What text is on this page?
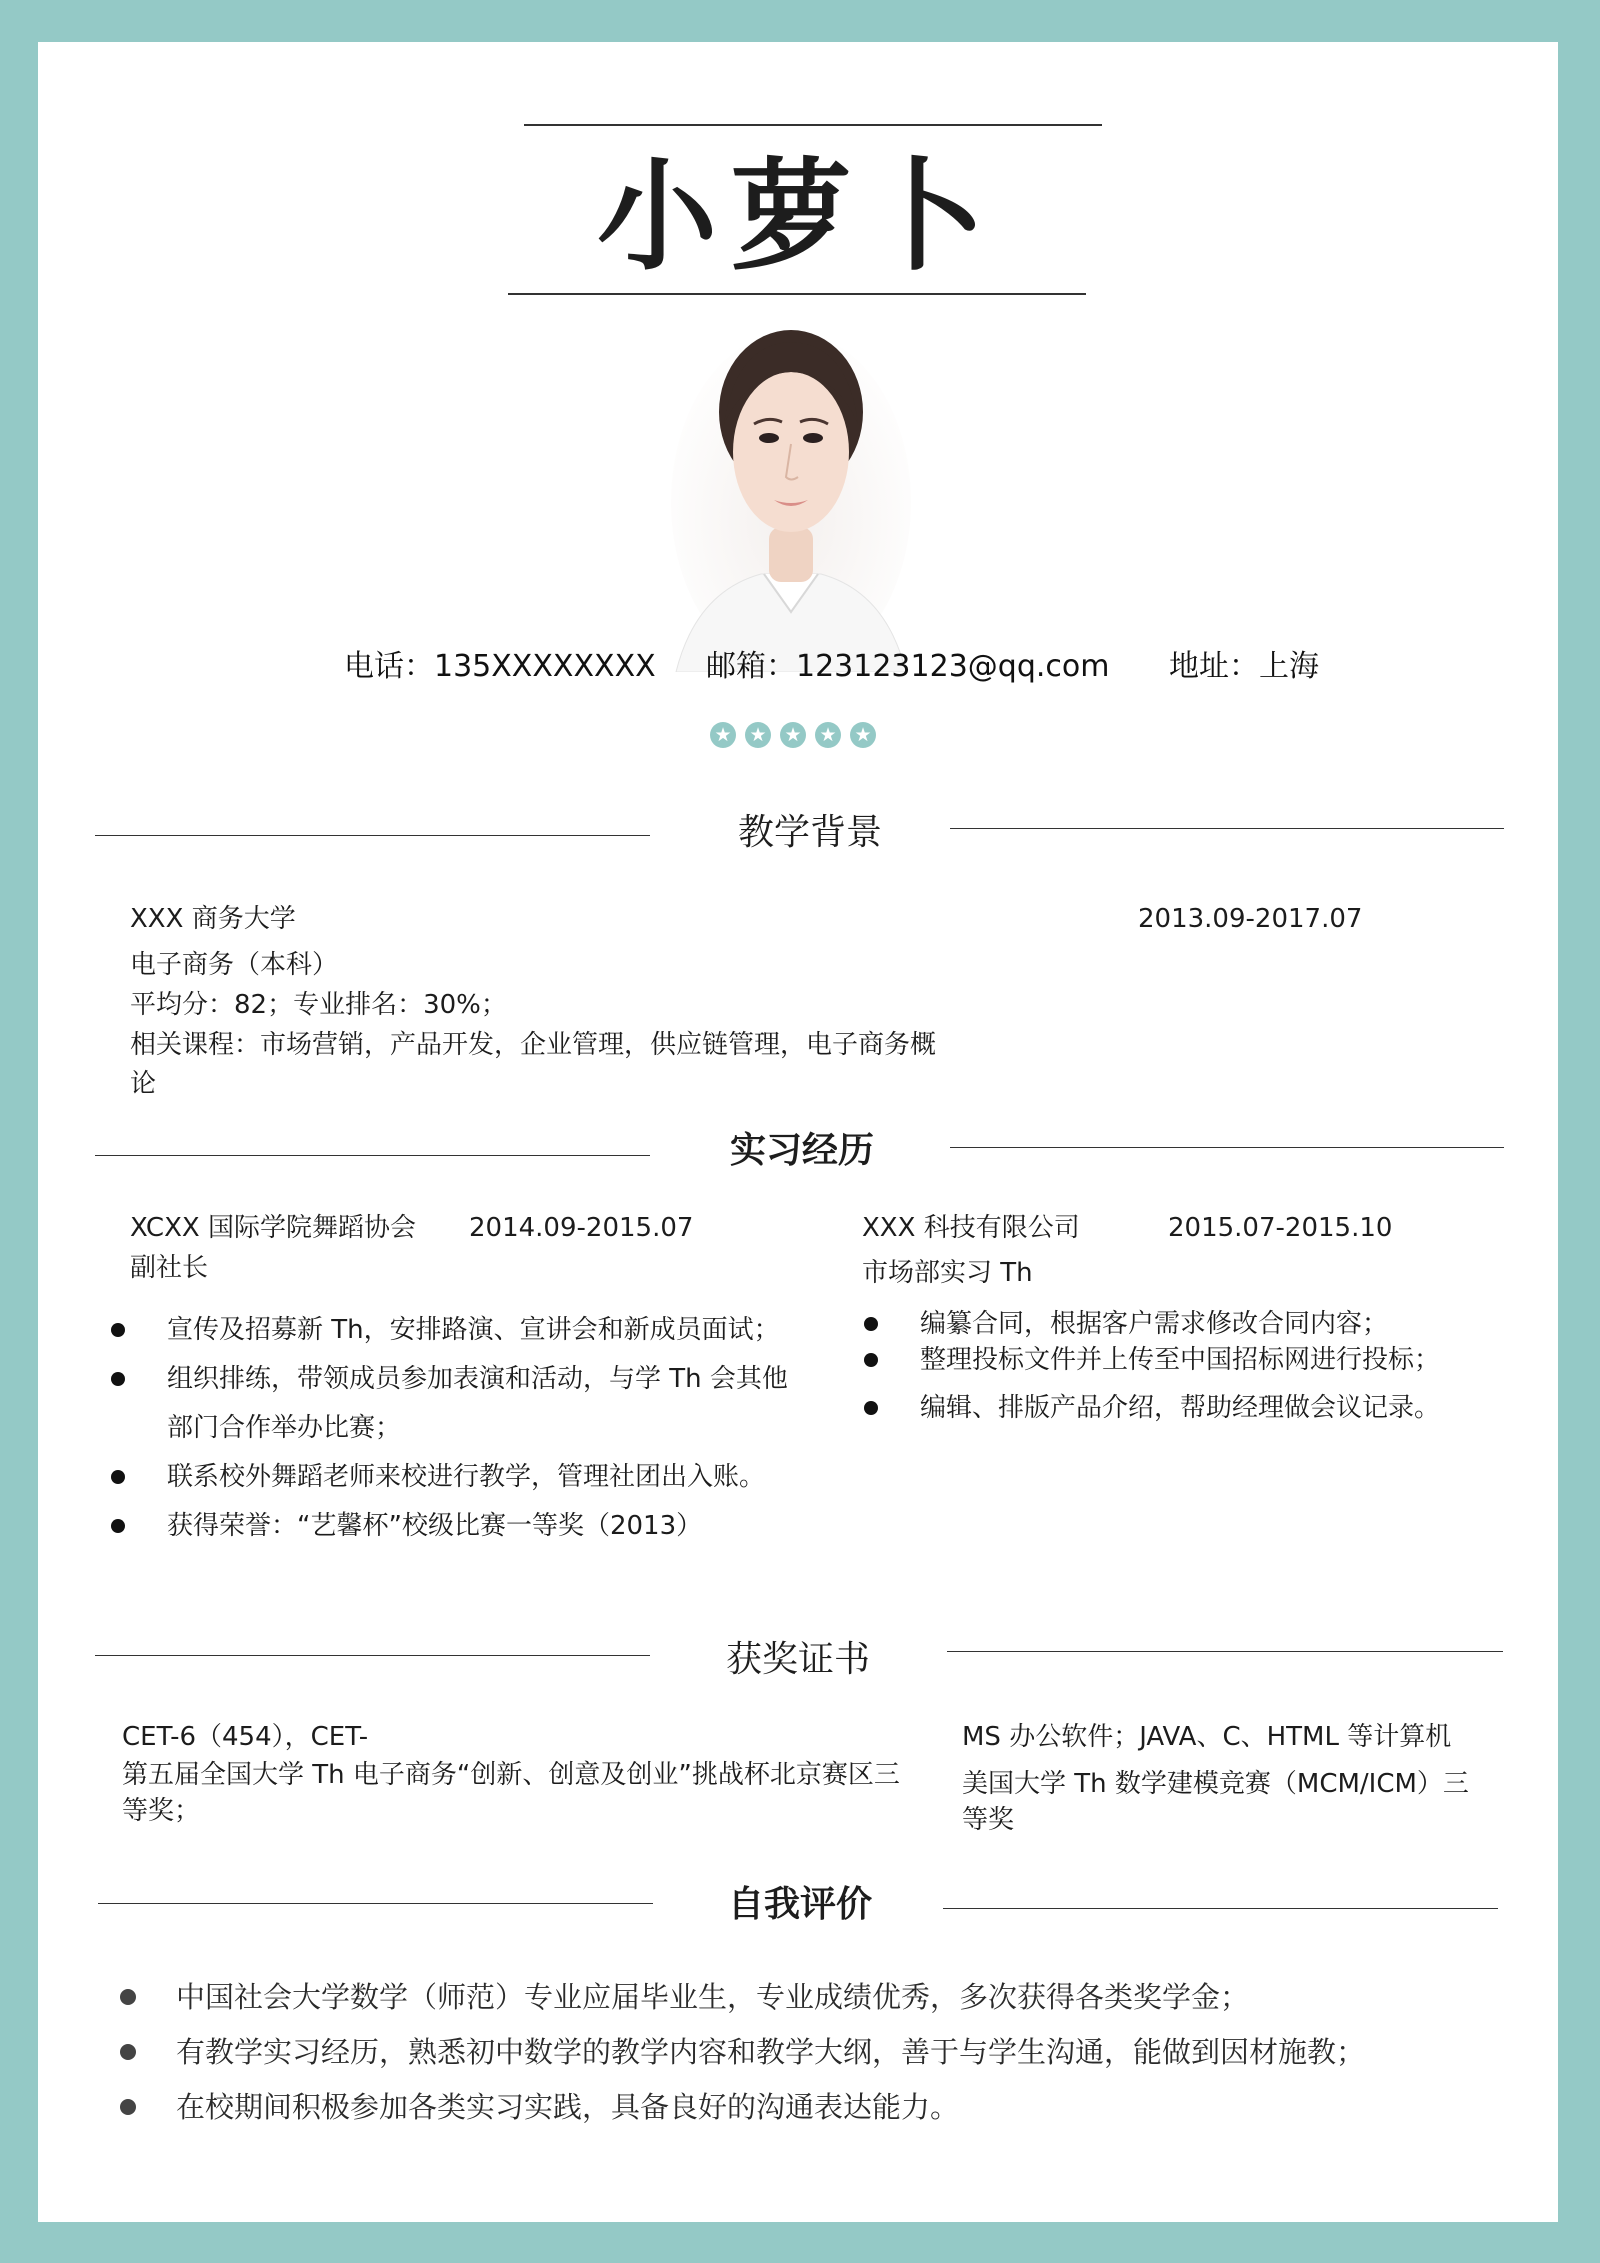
小萝卜
电话：135XXXXXXXX 邮箱：123123123@qq.com 地址：上海
★ ★ ★ ★ ★
教学背景
XXX 商务大学	2013.09-2017.07
电子商务（本科）
平均分：82；专业排名：30%；
相关课程：市场营销，产品开发，企业管理，供应链管理，电子商务概论
实习经历
XCXX 国际学院舞蹈协会 2014.09-2015.07
副社长
宣传及招募新 Th，安排路演、宣讲会和新成员面试；
组织排练，带领成员参加表演和活动，与学 Th 会其他部门合作举办比赛；
联系校外舞蹈老师来校进行教学，管理社团出入账。
获得荣誉：“艺馨杯”校级比赛一等奖（2013）
XXX 科技有限公司	2015.07-2015.10
市场部实习 Th
编纂合同，根据客户需求修改合同内容；
整理投标文件并上传至中国招标网进行投标；
编辑、排版产品介绍，帮助经理做会议记录。
获奖证书
CET-6（454），CET-
第五届全国大学 Th 电子商务“创新、创意及创业”挑战杯北京赛区三等奖；
MS 办公软件；JAVA、C、HTML 等计算机
美国大学 Th 数学建模竞赛（MCM/ICM）三等奖
自我评价
中国社会大学数学（师范）专业应届毕业生，专业成绩优秀，多次获得各类奖学金；
有教学实习经历，熟悉初中数学的教学内容和教学大纲，善于与学生沟通，能做到因材施教；
在校期间积极参加各类实习实践，具备良好的沟通表达能力。
